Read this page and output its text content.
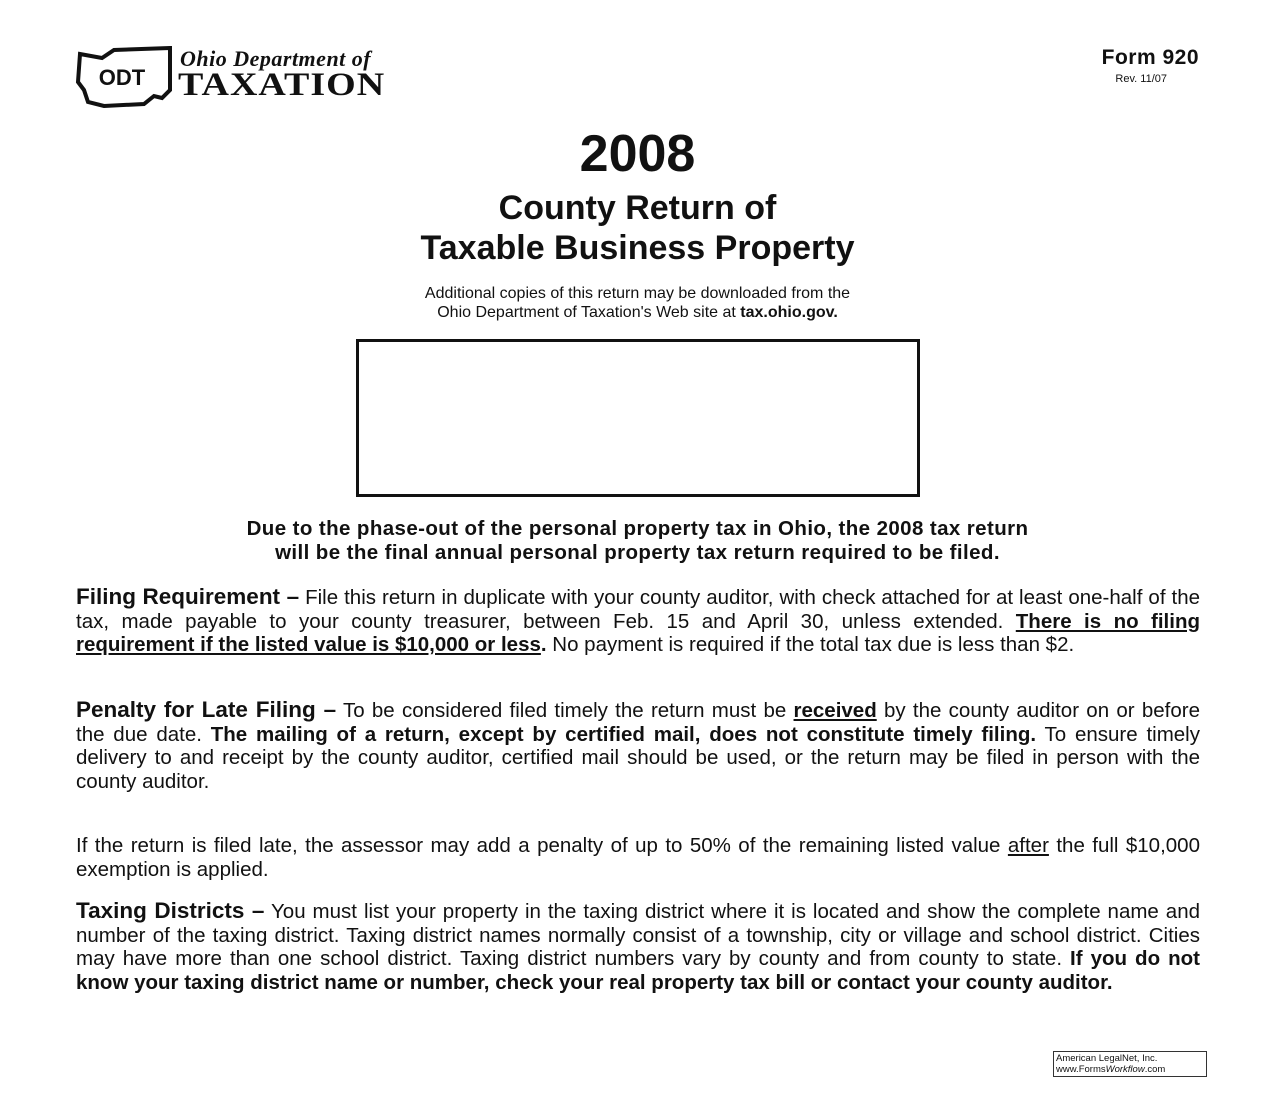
ODT
Ohio Department of
TAXATION
Form 920
Rev. 11/07
2008
County Return of
Taxable Business Property
Additional copies of this return may be downloaded from the
Ohio Department of Taxation's Web site at tax.ohio.gov.
Due to the phase-out of the personal property tax in Ohio, the 2008 tax return
will be the final annual personal property tax return required to be filed.
Filing Requirement – File this return in duplicate with your county auditor, with check attached for at least one-half of the tax, made payable to your county treasurer, between Feb. 15 and April 30, unless extended. There is no filing requirement if the listed value is $10,000 or less. No payment is required if the total tax due is less than $2.
Penalty for Late Filing – To be considered filed timely the return must be received by the county auditor on or before the due date. The mailing of a return, except by certified mail, does not constitute timely filing. To ensure timely delivery to and receipt by the county auditor, certified mail should be used, or the return may be filed in person with the county auditor.
If the return is filed late, the assessor may add a penalty of up to 50% of the remaining listed value after the full $10,000 exemption is applied.
Taxing Districts – You must list your property in the taxing district where it is located and show the complete name and number of the taxing district. Taxing district names normally consist of a township, city or village and school district. Cities may have more than one school district. Taxing district numbers vary by county and from county to state. If you do not know your taxing district name or number, check your real property tax bill or contact your county auditor.
American LegalNet, Inc.
www.FormsWorkflow.com
